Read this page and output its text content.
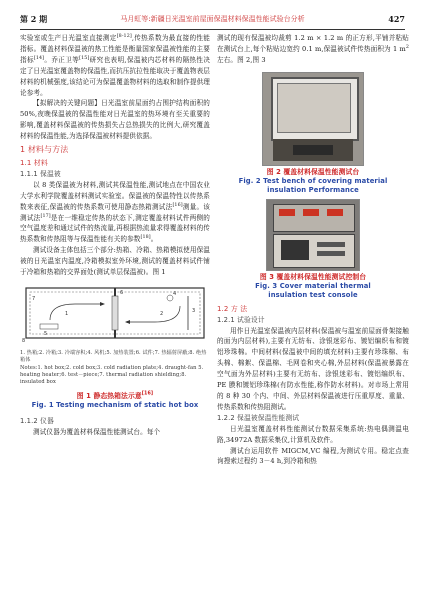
第 2 期	马月虹等:新疆日光温室前屋面保温材料保温性能试验台分析	427

实验室或生产日光温室直接测定[8-12],传热系数为最直接的性能指标。覆盖材料保温被的热工性能是衡量国家保温被性能的主要指标[14]。乔正卫等[15]研究也表明,保温被内芯材料的隔热性决定了日光温室覆盖物的保温性,而抗压抗拉性能取决于覆盖物表层材料的机械强度,该结论可为保温覆盖物材料的选取和制作提供理论参考。

【拟解决的关键问题】日光温室前屋面约占围护结构面积的50%,夜晚保温被的保温性能对日光温室的热环境有至关重要的影响,覆盖材料保温被的传热损失占总热损失的比例大,研究覆盖材料的保温性能,为选择保温被材料提供依据。

1 材料与方法

1.1 材料

1.1.1 保温被

以 8 类保温被为材料,测试其保温性能,测试地点在中国农业大学水利学院覆盖材料测试实验室。保温被的保温特性以传热系数来表征,保温被的传热系数可使用静态热箱测试法[16]测量。该测试法[17]是在一维稳定传热的状态下,测定覆盖材料试件两侧的空气温度差和通过试件的热流量,再根据热流量求得覆盖材料的传热系数和传热阻等与保温性能有关的参数[18]。

测试设备主体包括三个部分:热箱、冷箱、热箱模拟使用保温被的日光温室内温度,冷箱模拟室外环境,测试的覆盖材料试件铺于冷箱和热箱的交界面处(测试单层保温被)。图 1

1	2	3
4
5
6
7
8

1. 热箱;2. 冷箱;3. 冷端容积;4. 风机;5. 加热装置;6. 试件;7. 热辐射屏蔽;8. 绝热箱体

Notes:1. hot box;2. cold box;3. cold radiation plate;4. draught-fan 5. heating heater;6. test－piece;7. thermal radiation shielding;8. insulated box

图 1 静态热箱法示意[16]

Fig. 1 Testing mechanism of static hot box

1.1.2 仪器

测试仪器为覆盖材料保温性能测试台。每个

测试的现有保温被均裁剪 1.2 m × 1.2 m 的正方形,平铺并粘贴在测试台上,每个粘贴边宽约 0.1 m,保温被试件传热面积为 1 $m^2$左右。图 2,图 3

图 2 覆盖材料保温性能测试台

Fig. 2 Test bench of covering material

insulation Performance

图 3 覆盖材料保温性能测试控制台

Fig. 3 Cover material thermal

insulation test console

1.2 方 法

1.2.1 试验设计

用作日光温室保温被内层材料(保温被与温室前屋面骨架接触的面为内层材料),主要有无纺布、涂银迷彩布、镀铝编织布和镀铝珍珠棉。中间材料(保温被中间的填充材料)主要有珍珠棉、布头棉、棉絮、保温棉、毛网卷和夹心棉,外层材料(保温被暴露在空气面为外层材料)主要有无纺布、涂银迷彩布、镀铝编织布、PE 膜和镀铝珍珠棉(有防水性能,称作防水材料)。对市场上常用的 8 种 30 个内、中间、外层材料保温被进行压重厚度、重量、传热系数和传热阻测试。

1.2.2 保温被保温性能测试

日光温室覆盖材料性能测试台数据采集系统:热电偶测温电路,34972A 数据采集仪,计算机及软件。

测试台运用软件 MIGCM,VC 编程,为测试专用。稳定点查询搜索过程约 3－4 h,到冷箱和热
